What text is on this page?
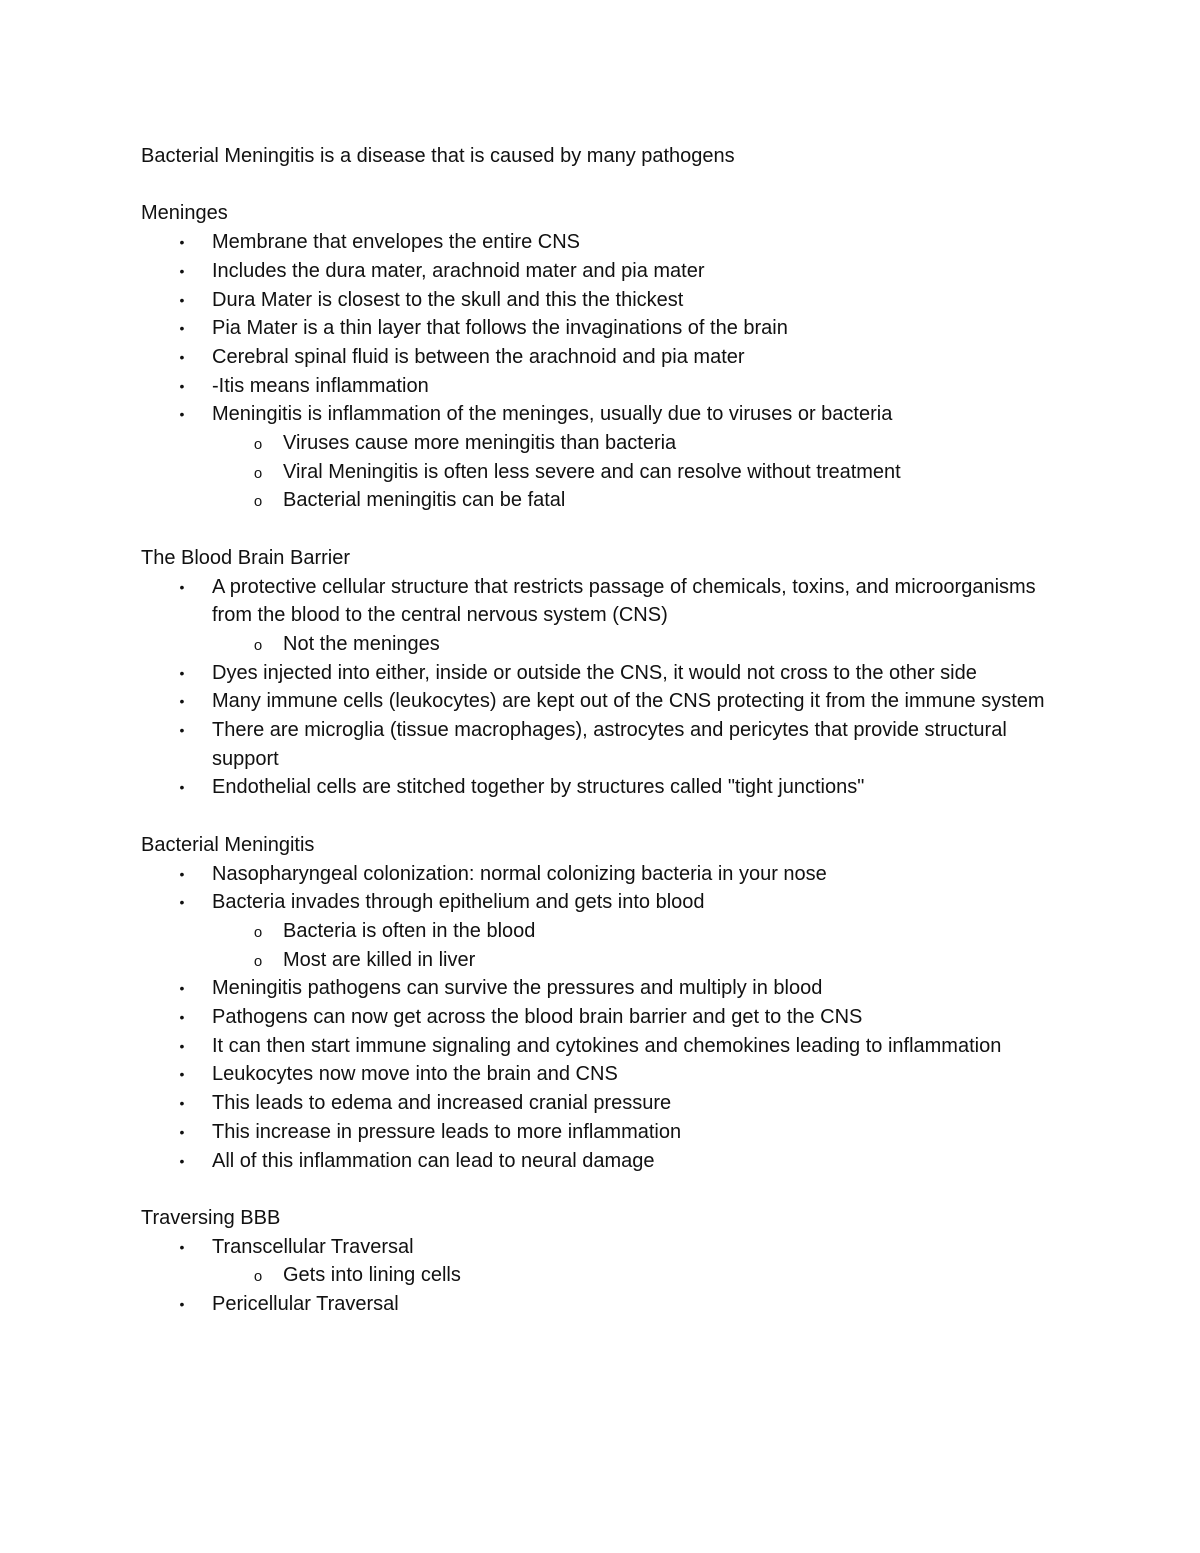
Bacterial Meningitis is a disease that is caused by many pathogens

Meninges

•	Membrane that envelopes the entire CNS
•	Includes the dura mater, arachnoid mater and pia mater
•	Dura Mater is closest to the skull and this the thickest
•	Pia Mater is a thin layer that follows the invaginations of the brain
•	Cerebral spinal fluid is between the arachnoid and pia mater
•	-Itis means inflammation
•	Meningitis is inflammation of the meninges, usually due to viruses or bacteria
o Viruses cause more meningitis than bacteria
o Viral Meningitis is often less severe and can resolve without treatment
o Bacterial meningitis can be fatal

The Blood Brain Barrier

•	A protective cellular structure that restricts passage of chemicals, toxins, and microorganisms from the blood to the central nervous system (CNS)
o Not the meninges
•	Dyes injected into either, inside or outside the CNS, it would not cross to the other side
•	Many immune cells (leukocytes) are kept out of the CNS protecting it from the immune system
•	There are microglia (tissue macrophages), astrocytes and pericytes that provide structural support
•	Endothelial cells are stitched together by structures called "tight junctions"

Bacterial Meningitis

•	Nasopharyngeal colonization: normal colonizing bacteria in your nose
•	Bacteria invades through epithelium and gets into blood
o Bacteria is often in the blood
o Most are killed in liver
•	Meningitis pathogens can survive the pressures and multiply in blood
•	Pathogens can now get across the blood brain barrier and get to the CNS
•	It can then start immune signaling and cytokines and chemokines leading to inflammation
•	Leukocytes now move into the brain and CNS
•	This leads to edema and increased cranial pressure
•	This increase in pressure leads to more inflammation
•	All of this inflammation can lead to neural damage

Traversing BBB

•	Transcellular Traversal
o Gets into lining cells
•	Pericellular Traversal
